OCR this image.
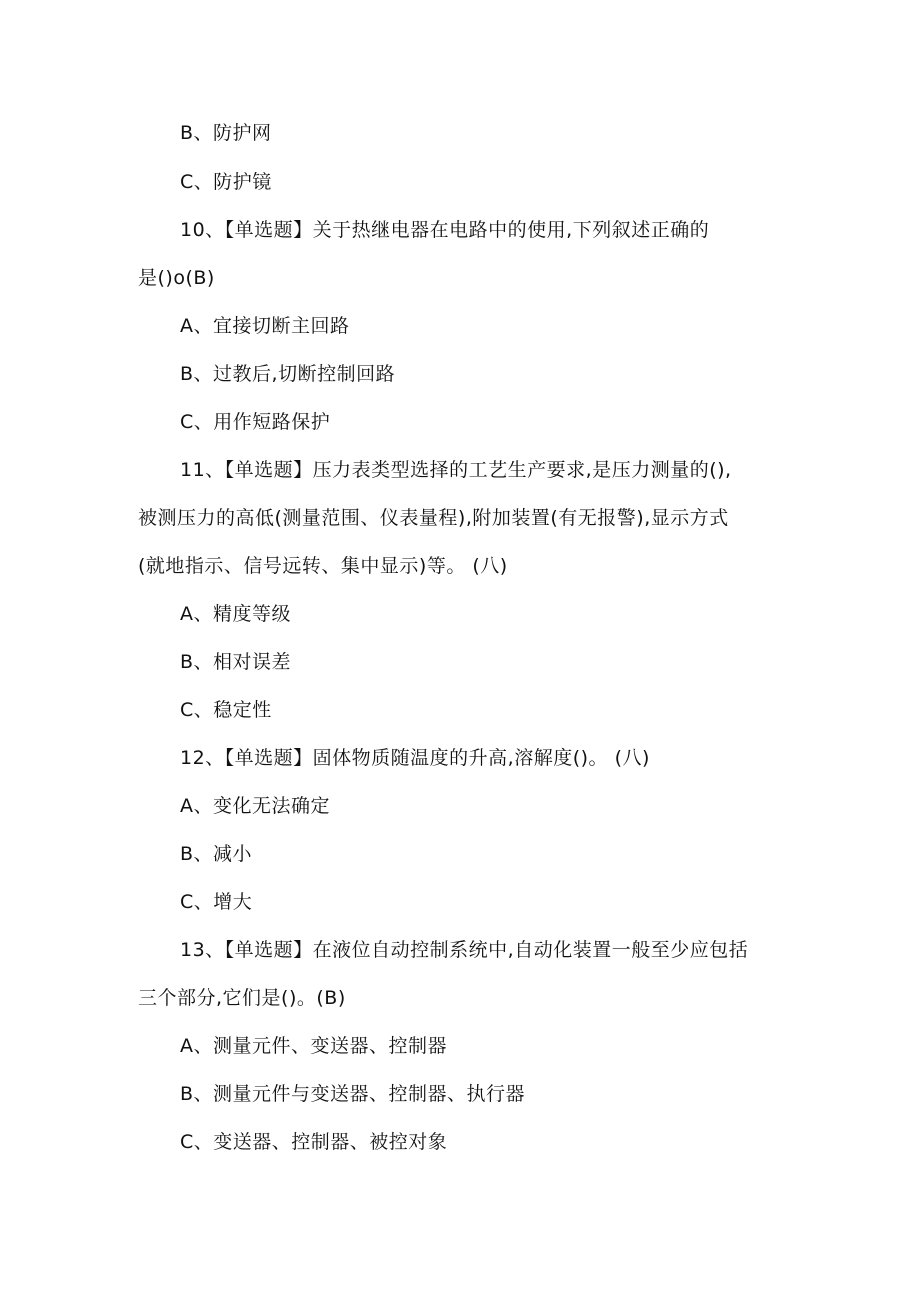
B、防护网
C、防护镜
10、【单选题】关于热继电器在电路中的使用,下列叙述正确的
是()o(B)
A、宜接切断主回路
B、过教后,切断控制回路
C、用作短路保护
11、【单选题】压力表类型选择的工艺生产要求,是压力测量的(),
被测压力的高低(测量范围、仪表量程),附加装置(有无报警),显示方式
(就地指示、信号远转、集中显示)等。 (八)
A、精度等级
B、相对误差
C、稳定性
12、【单选题】固体物质随温度的升高,溶解度()。 (八)
A、变化无法确定
B、减小
C、增大
13、【单选题】在液位自动控制系统中,自动化装置一般至少应包括
三个部分,它们是()。(B)
A、测量元件、变送器、控制器
B、测量元件与变送器、控制器、执行器
C、变送器、控制器、被控对象
